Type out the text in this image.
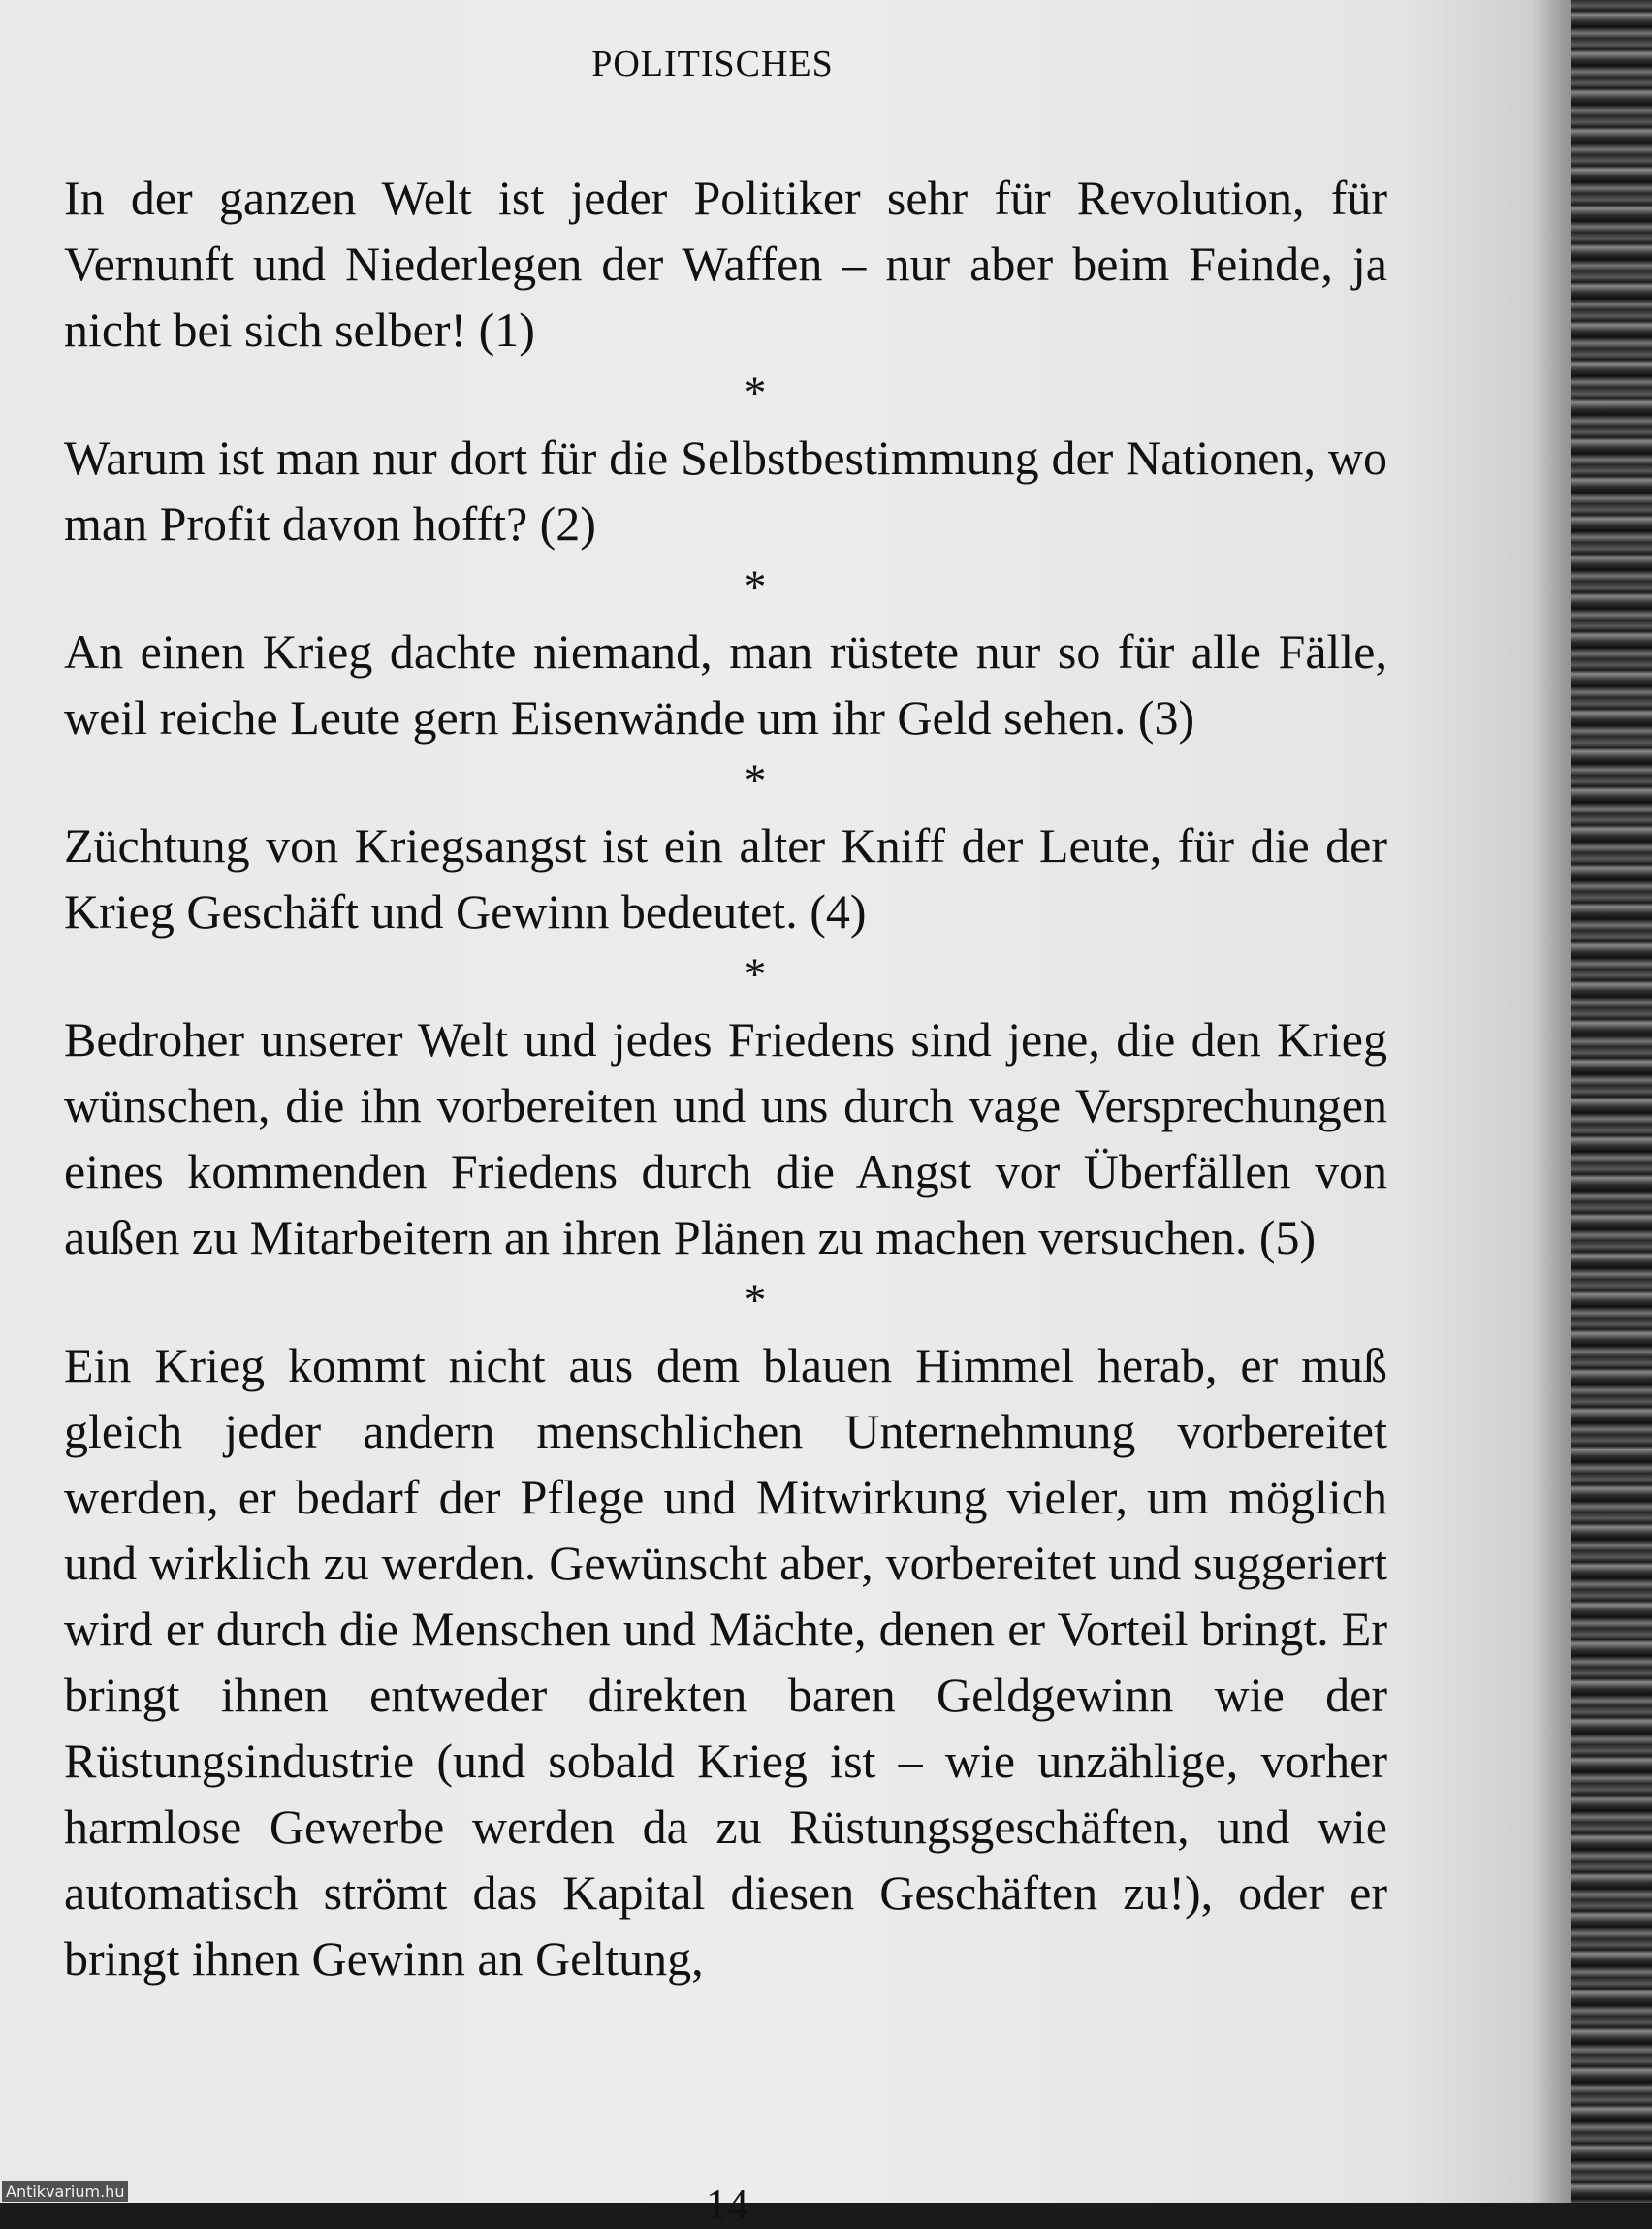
POLITISCHES

In der ganzen Welt ist jeder Politiker sehr für Revolution, für Vernunft und Niederlegen der Waffen – nur aber beim Feinde, ja nicht bei sich selber! (1)

*

Warum ist man nur dort für die Selbstbestimmung der Nationen, wo man Profit davon hofft? (2)

*

An einen Krieg dachte niemand, man rüstete nur so für alle Fälle, weil reiche Leute gern Eisenwände um ihr Geld sehen. (3)

*

Züchtung von Kriegsangst ist ein alter Kniff der Leute, für die der Krieg Geschäft und Gewinn bedeutet. (4)

*

Bedroher unserer Welt und jedes Friedens sind jene, die den Krieg wünschen, die ihn vorbereiten und uns durch vage Versprechungen eines kommenden Friedens durch die Angst vor Überfällen von außen zu Mitarbeitern an ihren Plänen zu machen versuchen. (5)

*

Ein Krieg kommt nicht aus dem blauen Himmel herab, er muß gleich jeder andern menschlichen Unternehmung vorbereitet werden, er bedarf der Pflege und Mitwirkung vieler, um möglich und wirklich zu werden. Gewünscht aber, vorbereitet und suggeriert wird er durch die Menschen und Mächte, denen er Vorteil bringt. Er bringt ihnen entweder direkten baren Geldgewinn wie der Rüstungsindustrie (und sobald Krieg ist – wie unzählige, vorher harmlose Gewerbe werden da zu Rüstungsgeschäften, und wie automatisch strömt das Kapital diesen Geschäften zu!), oder er bringt ihnen Gewinn an Geltung,

14
Antikvarium.hu
